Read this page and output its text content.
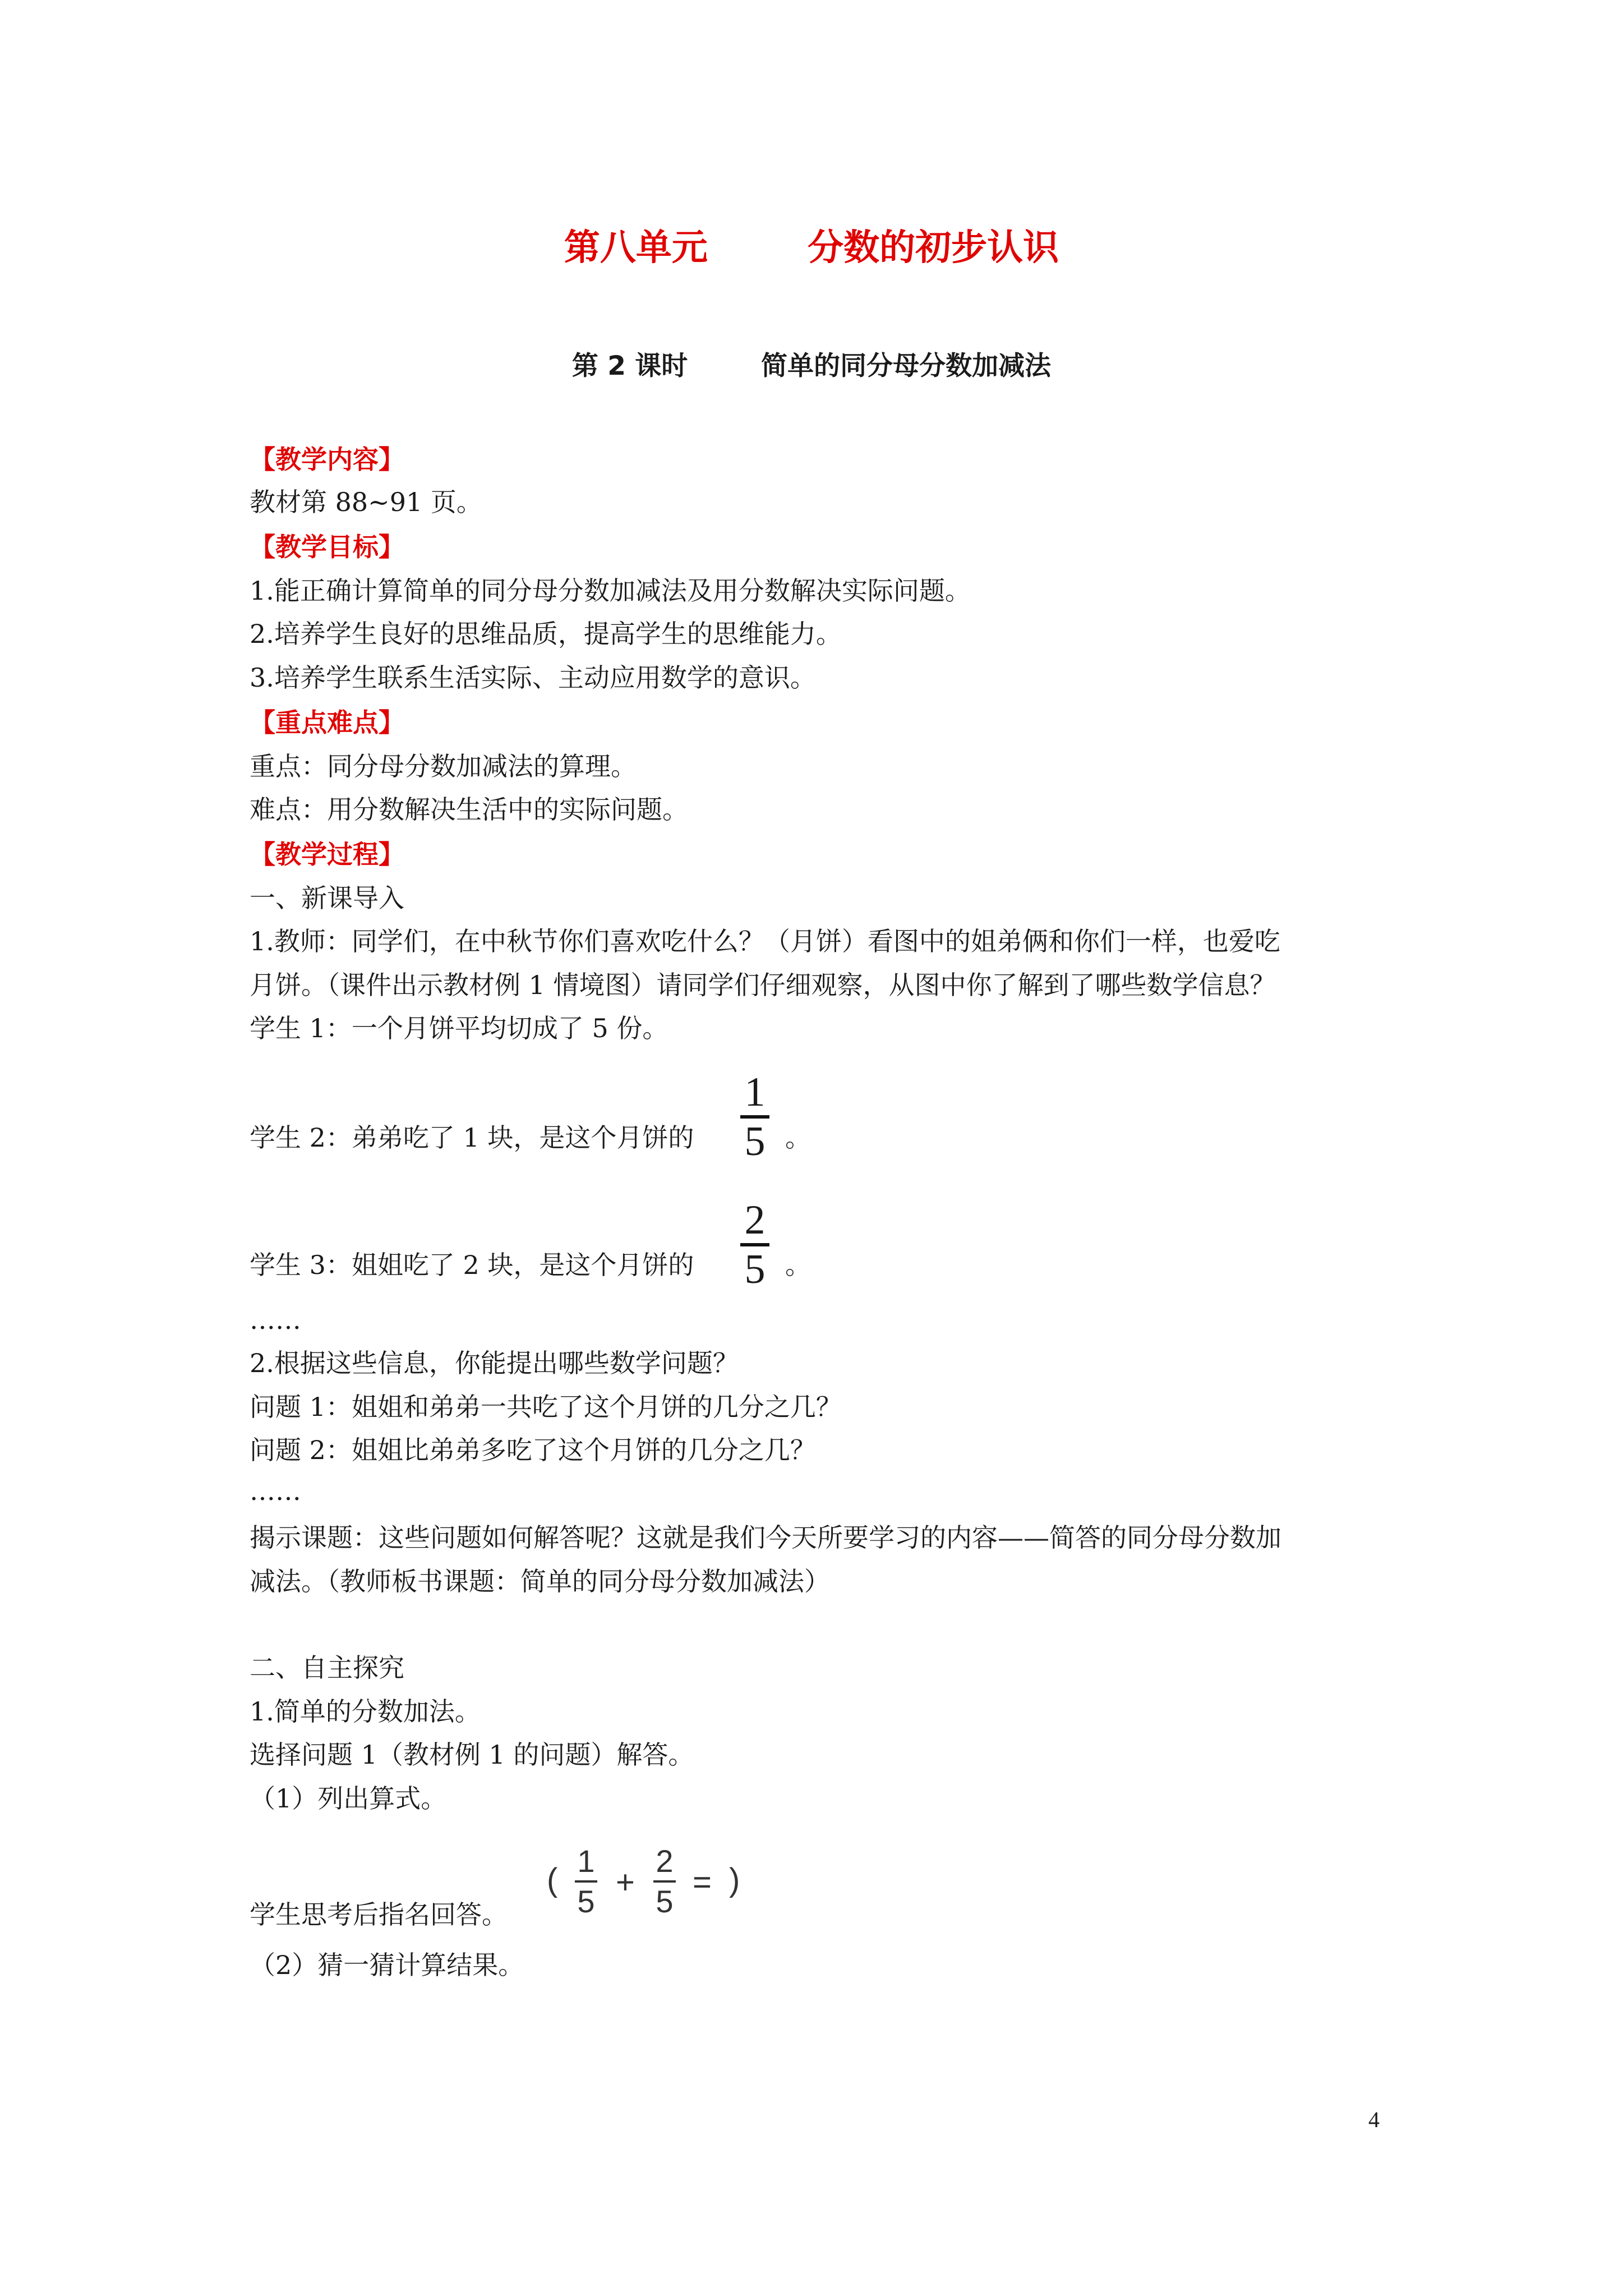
第八单元        分数的初步认识
第 2 课时        简单的同分母分数加减法
【教学内容】
教材第 88~91 页。
【教学目标】
1.能正确计算简单的同分母分数加减法及用分数解决实际问题。
2.培养学生良好的思维品质，提高学生的思维能力。
3.培养学生联系生活实际、主动应用数学的意识。
【重点难点】
重点：同分母分数加减法的算理。
难点：用分数解决生活中的实际问题。
【教学过程】
一、新课导入
1.教师：同学们，在中秋节你们喜欢吃什么？（月饼）看图中的姐弟俩和你们一样，也爱吃
月饼。（课件出示教材例 1 情境图）请同学们仔细观察，从图中你了解到了哪些数学信息？
学生 1：一个月饼平均切成了 5 份。
学生 2：弟弟吃了 1 块，是这个月饼的
1
5 。
学生 3：姐姐吃了 2 块，是这个月饼的
2
5 。
……
2.根据这些信息，你能提出哪些数学问题？
问题 1：姐姐和弟弟一共吃了这个月饼的几分之几？
问题 2：姐姐比弟弟多吃了这个月饼的几分之几？
……
揭示课题：这些问题如何解答呢？这就是我们今天所要学习的内容——简答的同分母分数加
减法。（教师板书课题：简单的同分母分数加减法）
二、自主探究
1.简单的分数加法。
选择问题 1（教材例 1 的问题）解答。
（1）列出算式。
学生思考后指名回答。
(
1
5
+
2
5
= )
（2）猜一猜计算结果。
4
